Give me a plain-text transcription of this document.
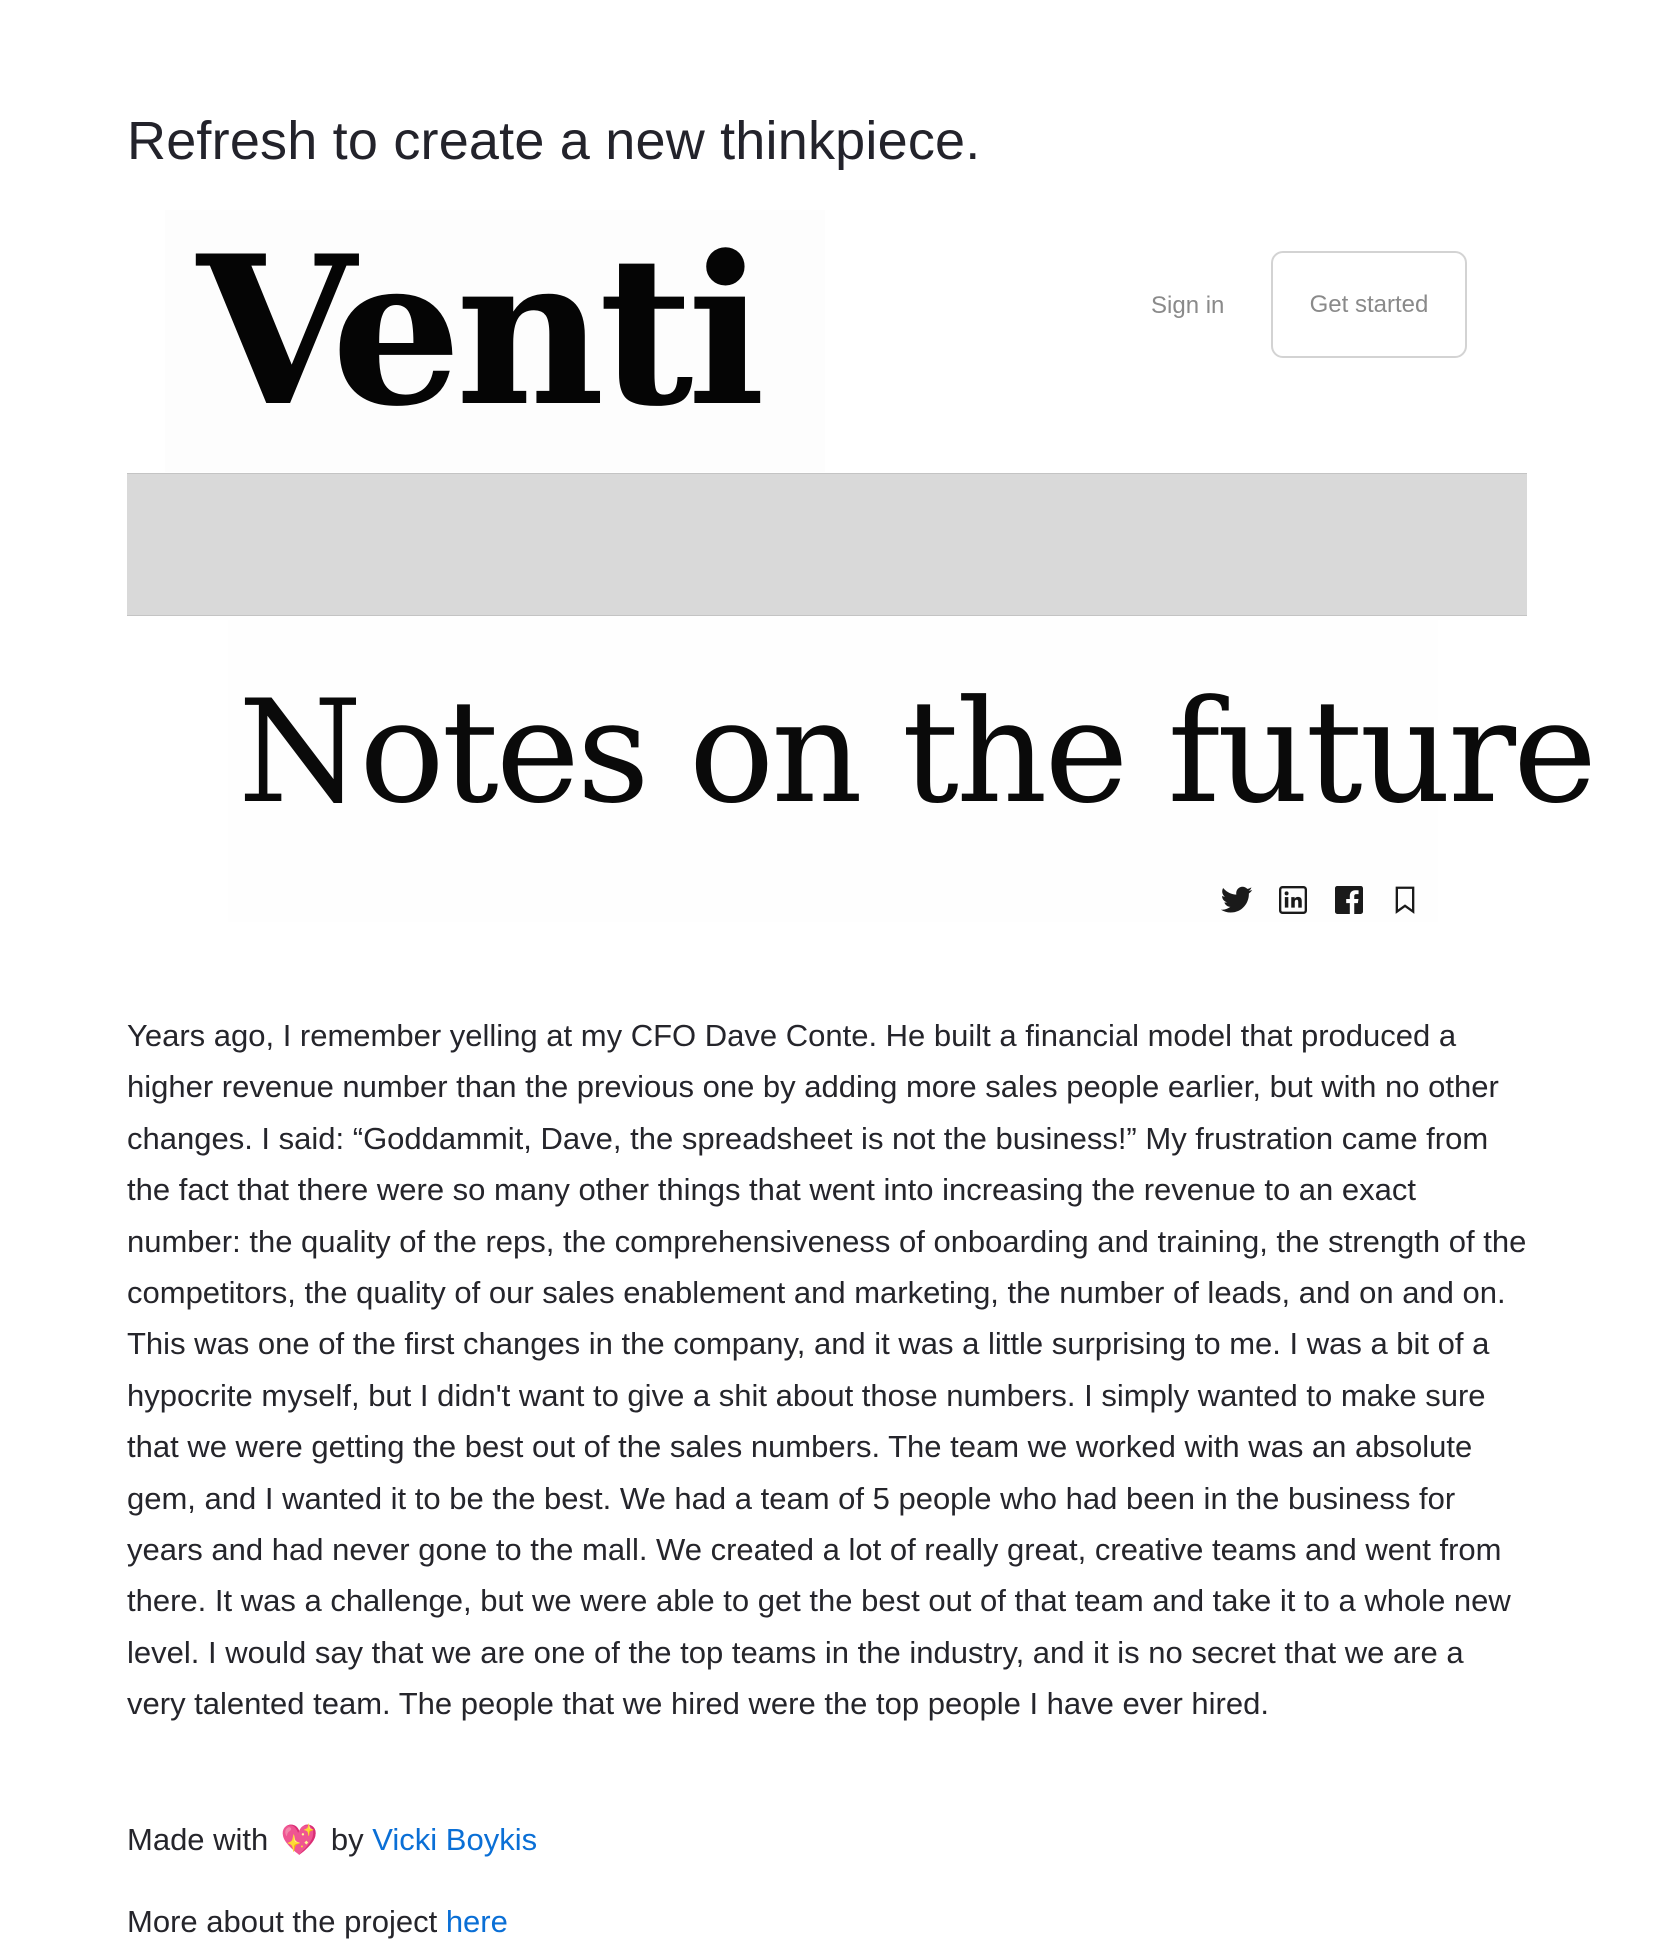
Refresh to create a new thinkpiece.
Venti	Sign in	Get started
Notes on the future

Years ago, I remember yelling at my CFO Dave Conte. He built a financial model that produced a higher revenue number than the previous one by adding more sales people earlier, but with no other changes. I said: “Goddammit, Dave, the spreadsheet is not the business!” My frustration came from the fact that there were so many other things that went into increasing the revenue to an exact number: the quality of the reps, the comprehensiveness of onboarding and training, the strength of the competitors, the quality of our sales enablement and marketing, the number of leads, and on and on. This was one of the first changes in the company, and it was a little surprising to me. I was a bit of a hypocrite myself, but I didn't want to give a shit about those numbers. I simply wanted to make sure that we were getting the best out of the sales numbers. The team we worked with was an absolute gem, and I wanted it to be the best. We had a team of 5 people who had been in the business for years and had never gone to the mall. We created a lot of really great, creative teams and went from there. It was a challenge, but we were able to get the best out of that team and take it to a whole new level. I would say that we are one of the top teams in the industry, and it is no secret that we are a very talented team. The people that we hired were the top people I have ever hired.

Made with 💖 by Vicki Boykis

More about the project here
